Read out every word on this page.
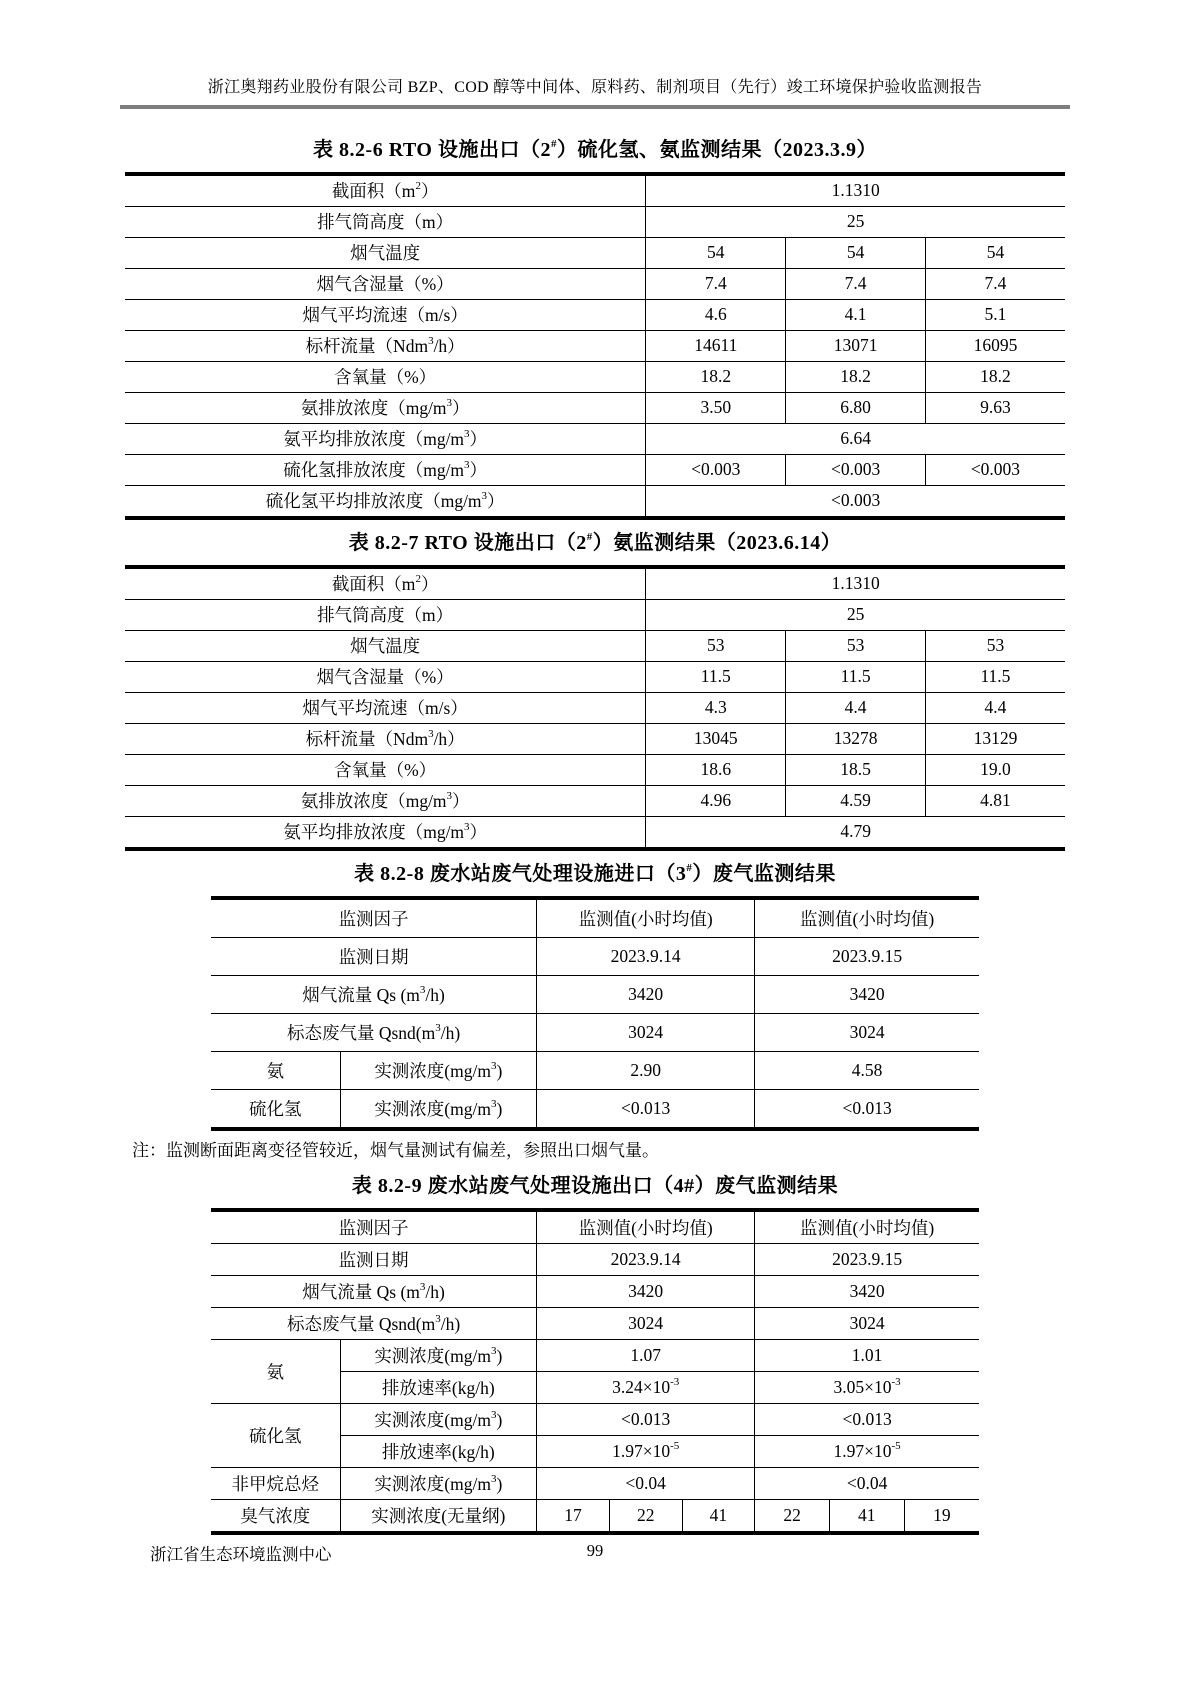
浙江奥翔药业股份有限公司 BZP、COD 醇等中间体、原料药、制剂项目（先行）竣工环境保护验收监测报告
表 8.2-6 RTO 设施出口（2#）硫化氢、氨监测结果（2023.3.9）
截面积$(m^2)$	1.1310		
排气筒高度（m）	25		
烟气温度	54	54	54
烟气含湿量（%）	7.4	7.4	7.4
烟气平均流速（m/s）	4.6	4.1	5.1
标杆流量（Ndm$^3$/h）	14611	13071	16095
含氧量（%）	18.2	18.2	18.2
氨排放浓度$(mg/m^3)$	3.50	6.80	9.63
氨平均排放浓度$(mg/m^3)$	6.64		
硫化氢排放浓度$(mg/m^3)$	<0.003	<0.003	<0.003
硫化氢平均排放浓度$(mg/m^3)$	<0.003		
表 8.2-7 RTO 设施出口（2#）氨监测结果（2023.6.14）
截面积$(m^2)$	1.1310		
排气筒高度（m）	25		
烟气温度	53	53	53
烟气含湿量（%）	11.5	11.5	11.5
烟气平均流速（m/s）	4.3	4.4	4.4
标杆流量（Ndm$^3$/h）	13045	13278	13129
含氧量（%）	18.6	18.5	19.0
氨排放浓度$(mg/m^3)$	4.96	4.59	4.81
氨平均排放浓度$(mg/m^3)$	4.79		
表 8.2-8 废水站废气处理设施进口（3#）废气监测结果
监测因子		监测值(小时均值)	监测值(小时均值)
监测日期		2023.9.14	2023.9.15
烟气流量 Qs $(m^3/h)$		3420	3420
标态废气量 $Qsnd(m^3/h)$		3024	3024
氨	实测浓度$(mg/m^3)$	2.90	4.58
硫化氢	实测浓度$(mg/m^3)$	<0.013	<0.013
注：监测断面距离变径管较近，烟气量测试有偏差，参照出口烟气量。
表 8.2-9 废水站废气处理设施出口（4#）废气监测结果
监测因子		监测值(小时均值)			监测值(小时均值)		
监测日期		2023.9.14			2023.9.15		
烟气流量 Qs $(m^3/h)$		3420			3420		
标态废气量 $Qsnd(m^3/h)$		3024			3024		
氨	实测浓度$(mg/m^3)$	1.07			1.01		
	排放速率(kg/h)	$3.24\times 10^{-3}$			$3.05\times 10^{-3}$
硫化氢	实测浓度$(mg/m^3)$	<0.013			<0.013		
	排放速率(kg/h)	$1.97\times 10^{-5}$			$1.97\times 10^{-5}$
非甲烷总烃	实测浓度$(mg/m^3)$	<0.04			<0.04		
臭气浓度	实测浓度(无量纲)	17	22	41	22	41	19
浙江省生态环境监测中心	99
